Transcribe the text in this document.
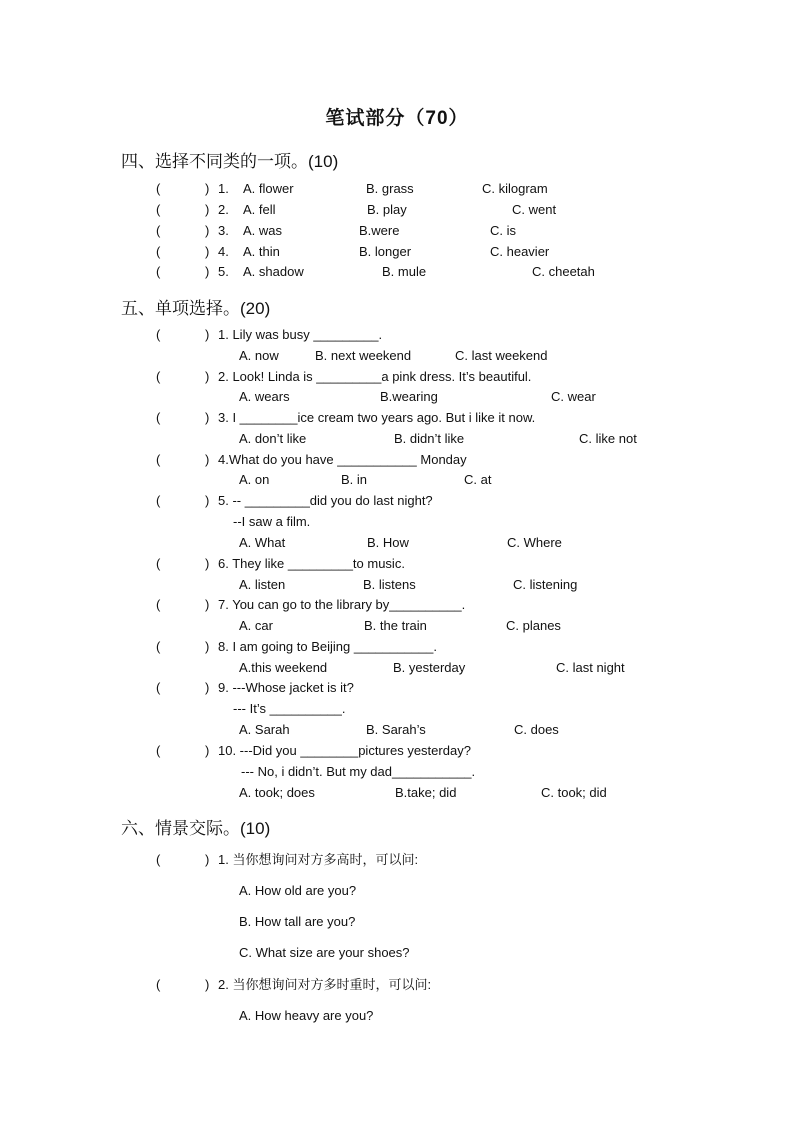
笔试部分（70）
四、选择不同类的一项。(10)
(	) 1. A. flower	B. grass	C. kilogram
(	) 2. A. fell	B. play	C. went
(	) 3. A. was	B.were	C. is
(	) 4. A. thin	B. longer	C. heavier
(	) 5. A. shadow	B. mule	C. cheetah
五、单项选择。(20)
(	) 1. Lily was busy _________.
A. now	B. next weekend	C. last weekend
(	) 2. Look! Linda is _________a pink dress. It’s beautiful.
A. wears	B.wearing	C. wear
(	) 3. I ________ice cream two years ago. But i like it now.
A. don’t like	B. didn’t like	C. like not
(	) 4.What do you have ___________ Monday
A. on	B. in	C. at
(	) 5. -- _________did you do last night?
--I saw a film.
A. What	B. How	C. Where
(	) 6. They like _________to music.
A. listen	B. listens	C. listening
(	) 7. You can go to the library by__________.
A. car	B. the train	C. planes
(	) 8. I am going to Beijing ___________.
A.this weekend	B. yesterday	C. last night
(	) 9. ---Whose jacket is it?
--- It’s __________.
A. Sarah	B. Sarah’s	C. does
(	) 10. ---Did you ________pictures yesterday?
--- No, i didn’t. But my dad___________.
A. took; does	B.take; did	C. took; did
六、情景交际。(10)
(	) 1. 当你想询问对方多高时，可以问:
A. How old are you?
B. How tall are you?
C. What size are your shoes?
(	) 2. 当你想询问对方多时重时，可以问:
A. How heavy are you?
